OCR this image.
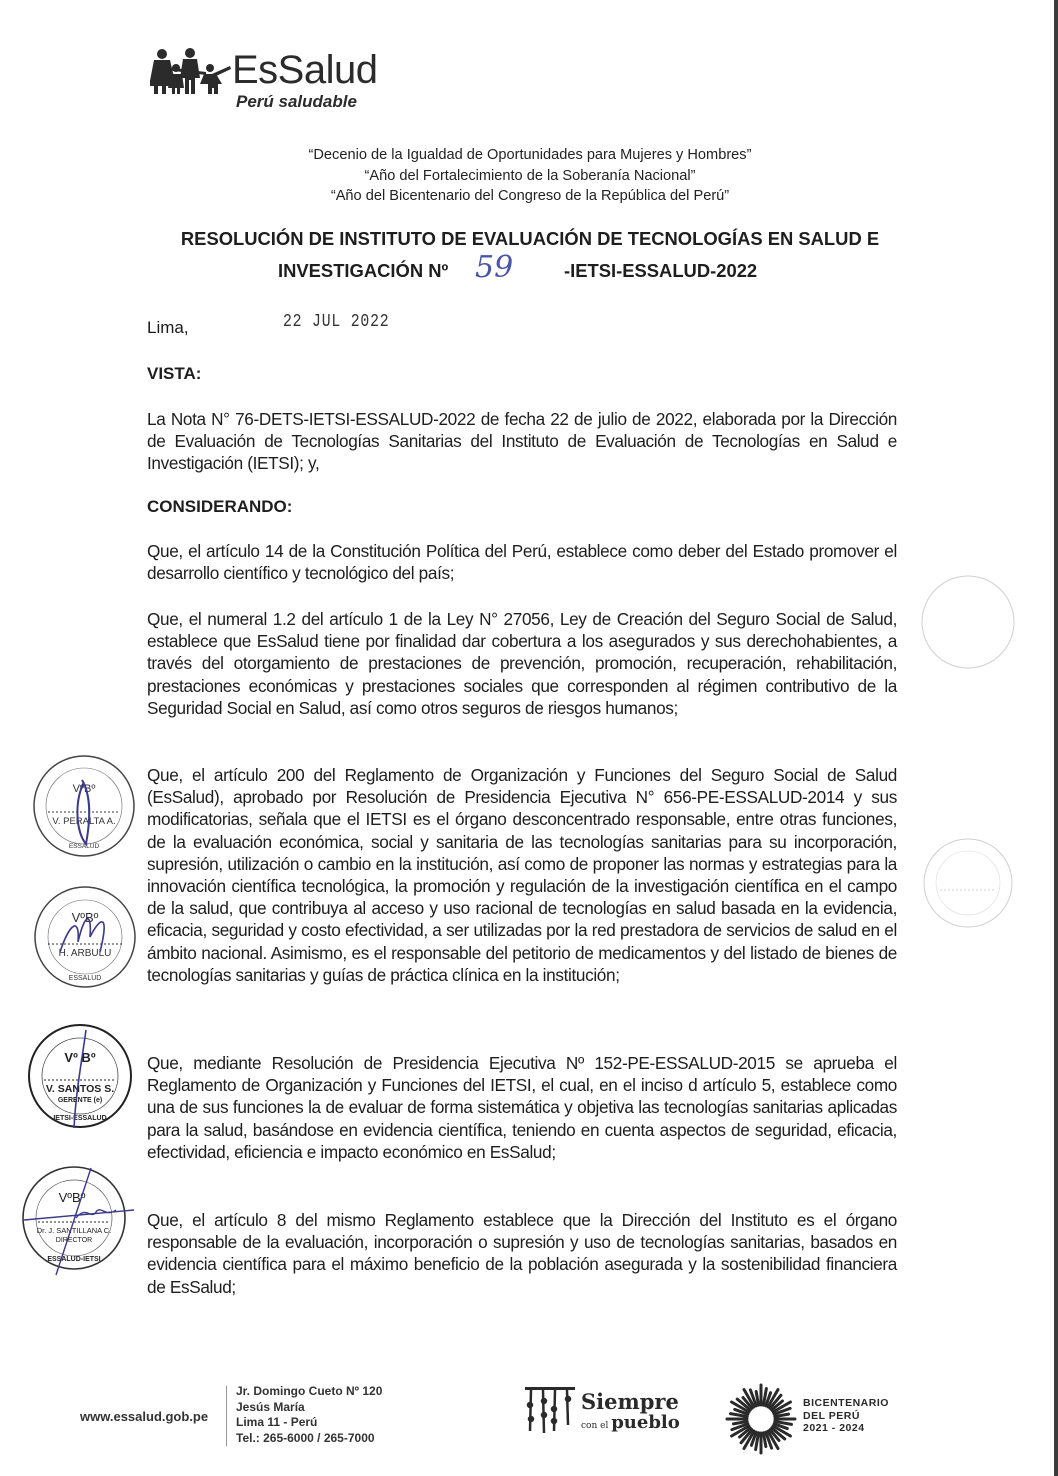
EsSalud
Perú saludable
“Decenio de la Igualdad de Oportunidades para Mujeres y Hombres”
“Año del Fortalecimiento de la Soberanía Nacional”
“Año del Bicentenario del Congreso de la República del Perú”
RESOLUCIÓN DE INSTITUTO DE EVALUACIÓN DE TECNOLOGÍAS EN SALUD E
INVESTIGACIÓN Nº 59	-IETSI-ESSALUD-2022
Lima,	22 JUL 2022
VISTA:
La Nota N° 76-DETS-IETSI-ESSALUD-2022 de fecha 22 de julio de 2022, elaborada por la Dirección de Evaluación de Tecnologías Sanitarias del Instituto de Evaluación de Tecnologías en Salud e Investigación (IETSI); y,
CONSIDERANDO:
Que, el artículo 14 de la Constitución Política del Perú, establece como deber del Estado promover el desarrollo científico y tecnológico del país;
Que, el numeral 1.2 del artículo 1 de la Ley N° 27056, Ley de Creación del Seguro Social de Salud, establece que EsSalud tiene por finalidad dar cobertura a los asegurados y sus derechohabientes, a través del otorgamiento de prestaciones de prevención, promoción, recuperación, rehabilitación, prestaciones económicas y prestaciones sociales que corresponden al régimen contributivo de la Seguridad Social en Salud, así como otros seguros de riesgos humanos;
Que, el artículo 200 del Reglamento de Organización y Funciones del Seguro Social de Salud (EsSalud), aprobado por Resolución de Presidencia Ejecutiva N° 656-PE-ESSALUD-2014 y sus modificatorias, señala que el IETSI es el órgano desconcentrado responsable, entre otras funciones, de la evaluación económica, social y sanitaria de las tecnologías sanitarias para su incorporación, supresión, utilización o cambio en la institución, así como de proponer las normas y estrategias para la innovación científica tecnológica, la promoción y regulación de la investigación científica en el campo de la salud, que contribuya al acceso y uso racional de tecnologías en salud basada en la evidencia, eficacia, seguridad y costo efectividad, a ser utilizadas por la red prestadora de servicios de salud en el ámbito nacional. Asimismo, es el responsable del petitorio de medicamentos y del listado de bienes de tecnologías sanitarias y guías de práctica clínica en la institución;
Que, mediante Resolución de Presidencia Ejecutiva Nº 152-PE-ESSALUD-2015 se aprueba el Reglamento de Organización y Funciones del IETSI, el cual, en el inciso d artículo 5, establece como una de sus funciones la de evaluar de forma sistemática y objetiva las tecnologías sanitarias aplicadas para la salud, basándose en evidencia científica, teniendo en cuenta aspectos de seguridad, eficacia, efectividad, eficiencia e impacto económico en EsSalud;
Que, el artículo 8 del mismo Reglamento establece que la Dirección del Instituto es el órgano responsable de la evaluación, incorporación o supresión y uso de tecnologías sanitarias, basados en evidencia científica para el máximo beneficio de la población asegurada y la sostenibilidad financiera de EsSalud;
VºBº
V. PERALTA A.
ESSALUD
VºBº
H. ARBULU
ESSALUD
Vº Bº
V. SANTOS S.
GERENTE (e)
IETSI-ESSALUD
VºBº
Dr. J. SANTILLANA C.
DIRECTOR
ESSALUD-IETSI
www.essalud.gob.pe
Jr. Domingo Cueto Nº 120
Jesús María
Lima 11 - Perú
Tel.: 265-6000 / 265-7000
Siempre
con el pueblo
BICENTENARIO
DEL PERÚ
2021 - 2024
